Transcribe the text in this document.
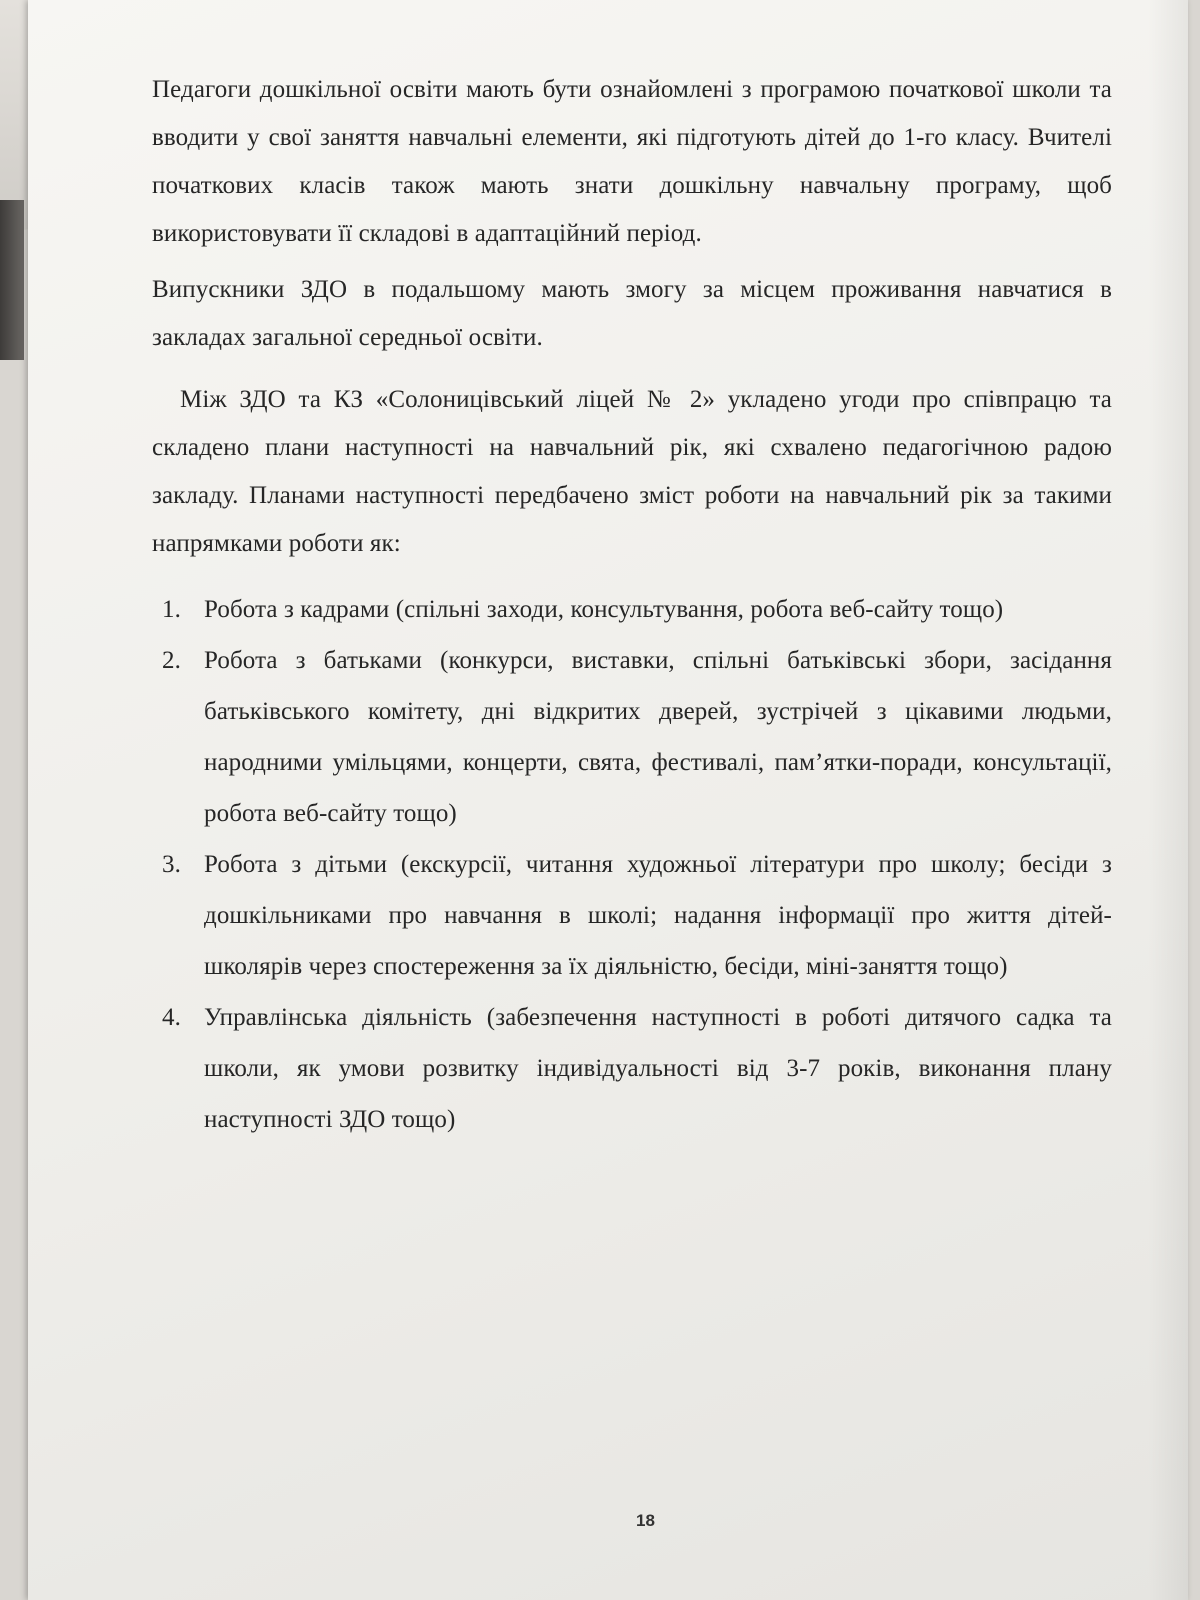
Педагоги дошкільної освіти мають бути ознайомлені з програмою початкової школи та вводити у свої заняття навчальні елементи, які підготують дітей до 1-го класу. Вчителі початкових класів також мають знати дошкільну навчальну програму, щоб використовувати її складові в адаптаційний період.

Випускники ЗДО в подальшому мають змогу за місцем проживання навчатися в закладах загальної середньої освіти.

Між ЗДО та КЗ «Солоницівський ліцей № 2» укладено угоди про співпрацю та складено плани наступності на навчальний рік, які схвалено педагогічною радою закладу. Планами наступності передбачено зміст роботи на навчальний рік за такими напрямками роботи як:

1. Робота з кадрами (спільні заходи, консультування, робота веб-сайту тощо)
2. Робота з батьками (конкурси, виставки, спільні батьківські збори, засідання батьківського комітету, дні відкритих дверей, зустрічей з цікавими людьми, народними умільцями, концерти, свята, фестивалі, пам’ятки-поради, консультації, робота веб-сайту тощо)
3. Робота з дітьми (екскурсії, читання художньої літератури про школу; бесіди з дошкільниками про навчання в школі; надання інформації про життя дітей-школярів через спостереження за їх діяльністю, бесіди, міні-заняття тощо)
4. Управлінська діяльність (забезпечення наступності в роботі дитячого садка та школи, як умови розвитку індивідуальності від 3-7 років, виконання плану наступності ЗДО тощо)
18
